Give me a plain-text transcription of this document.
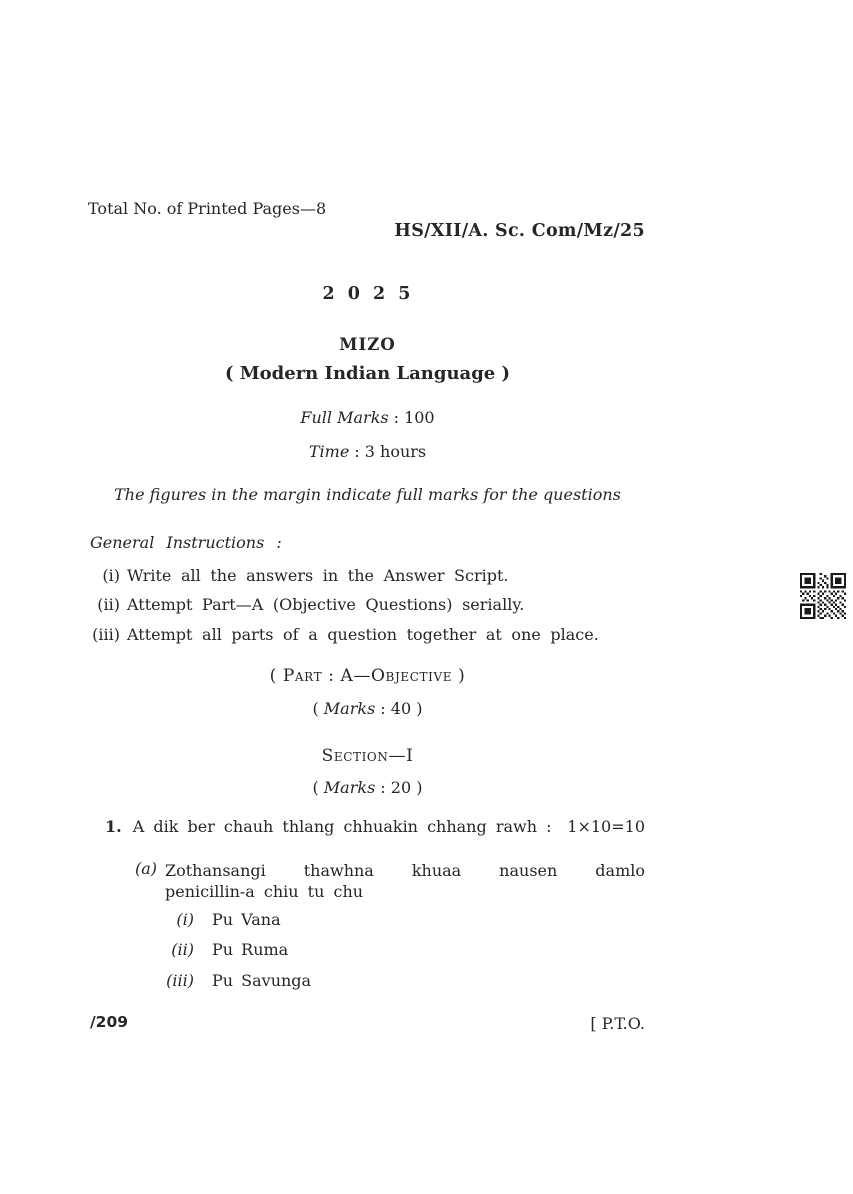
Total No. of Printed Pages—8
HS/XII/A. Sc. Com/Mz/25
2 0 2 5
MIZO
( Modern Indian Language )
Full Marks : 100
Time : 3 hours
The figures in the margin indicate full marks for the questions
General Instructions :
(i) Write all the answers in the Answer Script.
(ii) Attempt Part—A (Objective Questions) serially.
(iii) Attempt all parts of a question together at one place.
( Part : A—Objective )
( Marks : 40 )
Section—I
( Marks : 20 )
1. A dik ber chauh thlang chhuakin chhang rawh : 1×10=10
(a) Zothansangi thawhna khuaa nausen damlo
penicillin-a chiu tu chu
(i) Pu Vana
(ii) Pu Ruma
(iii) Pu Savunga
/209	[ P.T.O.
